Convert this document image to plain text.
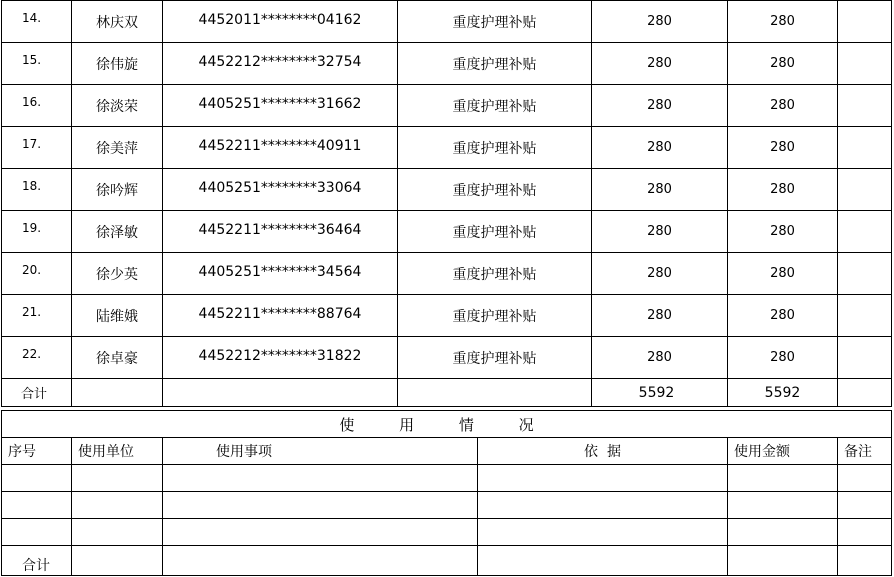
14.	林庆双	4452011********04162	重度护理补贴	280	280	
15.	徐伟旋	4452212********32754	重度护理补贴	280	280	
16.	徐淡荣	4405251********31662	重度护理补贴	280	280	
17.	徐美萍	4452211********40911	重度护理补贴	280	280	
18.	徐吟辉	4405251********33064	重度护理补贴	280	280	
19.	徐泽敏	4452211********36464	重度护理补贴	280	280	
20.	徐少英	4405251********34564	重度护理补贴	280	280	
21.	陆维娥	4452211********88764	重度护理补贴	280	280	
22.	徐卓豪	4452212********31822	重度护理补贴	280	280	
合计				5592	5592	
使 用 情 况					
序号	使用单位	使用事项	依  据	使用金额	备注

合计					
